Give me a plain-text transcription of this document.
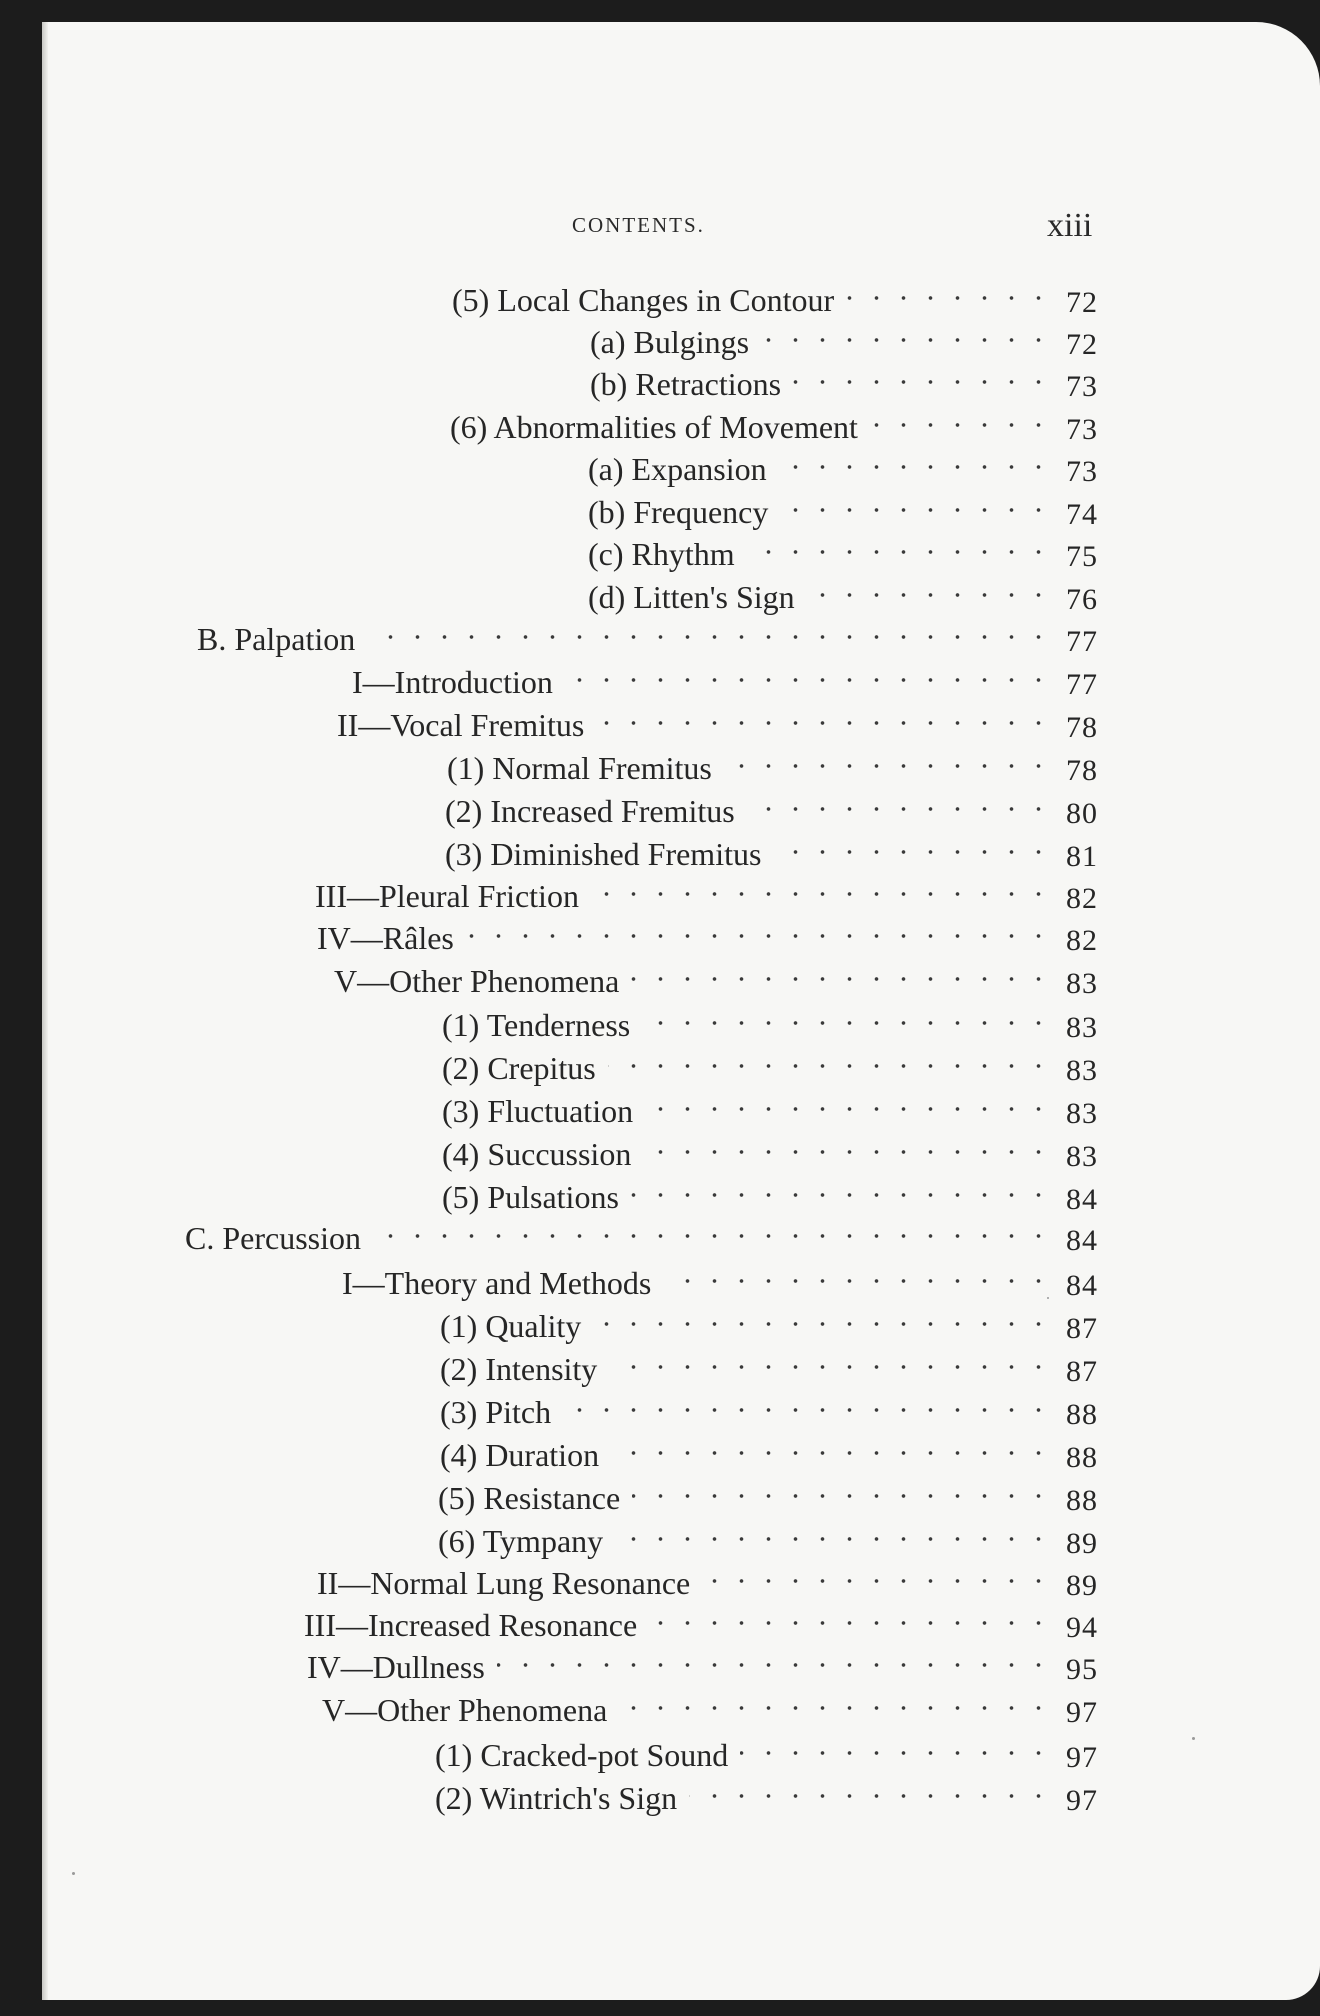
CONTENTS.	xiii
(5) Local Changes in Contour	72
(a) Bulgings	72
(b) Retractions	73
(6) Abnormalities of Movement	73
(a) Expansion	73
(b) Frequency	74
(c) Rhythm	75
(d) Litten's Sign	76
B. Palpation	77
I—Introduction	77
II—Vocal Fremitus	78
(1) Normal Fremitus	78
(2) Increased Fremitus	80
(3) Diminished Fremitus	81
III—Pleural Friction	82
IV—Râles	82
V—Other Phenomena	83
(1) Tenderness	83
(2) Crepitus	83
(3) Fluctuation	83
(4) Succussion	83
(5) Pulsations	84
C. Percussion	84
I—Theory and Methods	84
(1) Quality	87
(2) Intensity	87
(3) Pitch	88
(4) Duration	88
(5) Resistance	88
(6) Tympany	89
II—Normal Lung Resonance	89
III—Increased Resonance	94
IV—Dullness	95
V—Other Phenomena	97
(1) Cracked-pot Sound	97
(2) Wintrich's Sign	97
